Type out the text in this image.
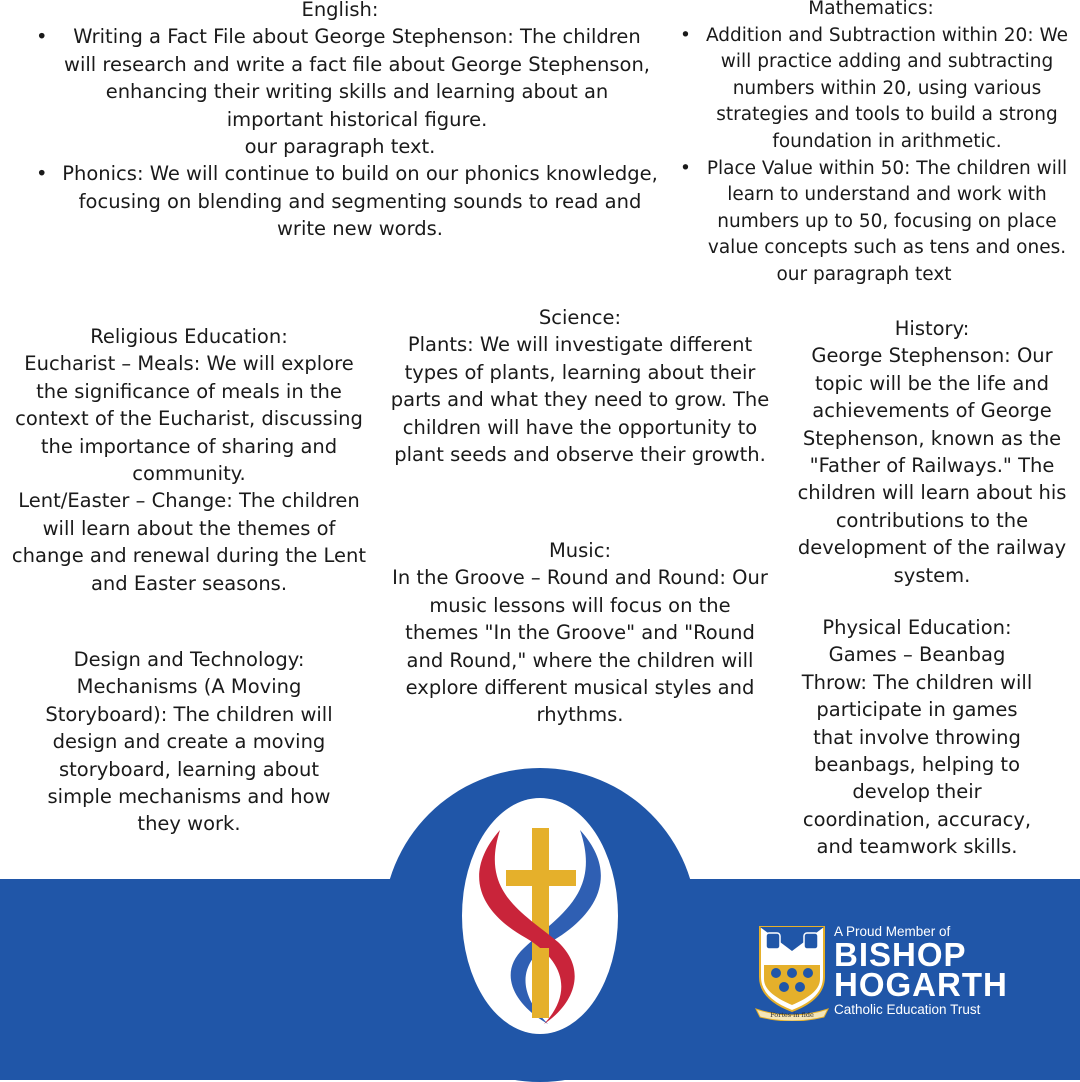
English:

• Writing a Fact File about George Stephenson: The children will research and write a fact file about George Stephenson, enhancing their writing skills and learning about an important historical figure.
our paragraph text.
• Phonics: We will continue to build on our phonics knowledge, focusing on blending and segmenting sounds to read and write new words.

Mathematics:

• Addition and Subtraction within 20: We will practice adding and subtracting numbers within 20, using various strategies and tools to build a strong foundation in arithmetic.
• Place Value within 50: The children will learn to understand and work with numbers up to 50, focusing on place value concepts such as tens and ones.

our paragraph text

Religious Education:

Eucharist – Meals: We will explore the significance of meals in the context of the Eucharist, discussing the importance of sharing and community.

Lent/Easter – Change: The children will learn about the themes of change and renewal during the Lent and Easter seasons.

Science:

Plants: We will investigate different types of plants, learning about their parts and what they need to grow. The children will have the opportunity to plant seeds and observe their growth.

History:

George Stephenson: Our topic will be the life and achievements of George Stephenson, known as the "Father of Railways." The children will learn about his contributions to the development of the railway system.

Music:

In the Groove – Round and Round: Our music lessons will focus on the themes "In the Groove" and "Round and Round," where the children will explore different musical styles and rhythms.

Design and Technology:

Mechanisms (A Moving Storyboard): The children will design and create a moving storyboard, learning about simple mechanisms and how they work.

Physical Education:

Games – Beanbag Throw: The children will participate in games that involve throwing beanbags, helping to develop their coordination, accuracy, and teamwork skills.

Fortes in fide
A Proud Member of
BISHOP
HOGARTH
Catholic Education Trust
